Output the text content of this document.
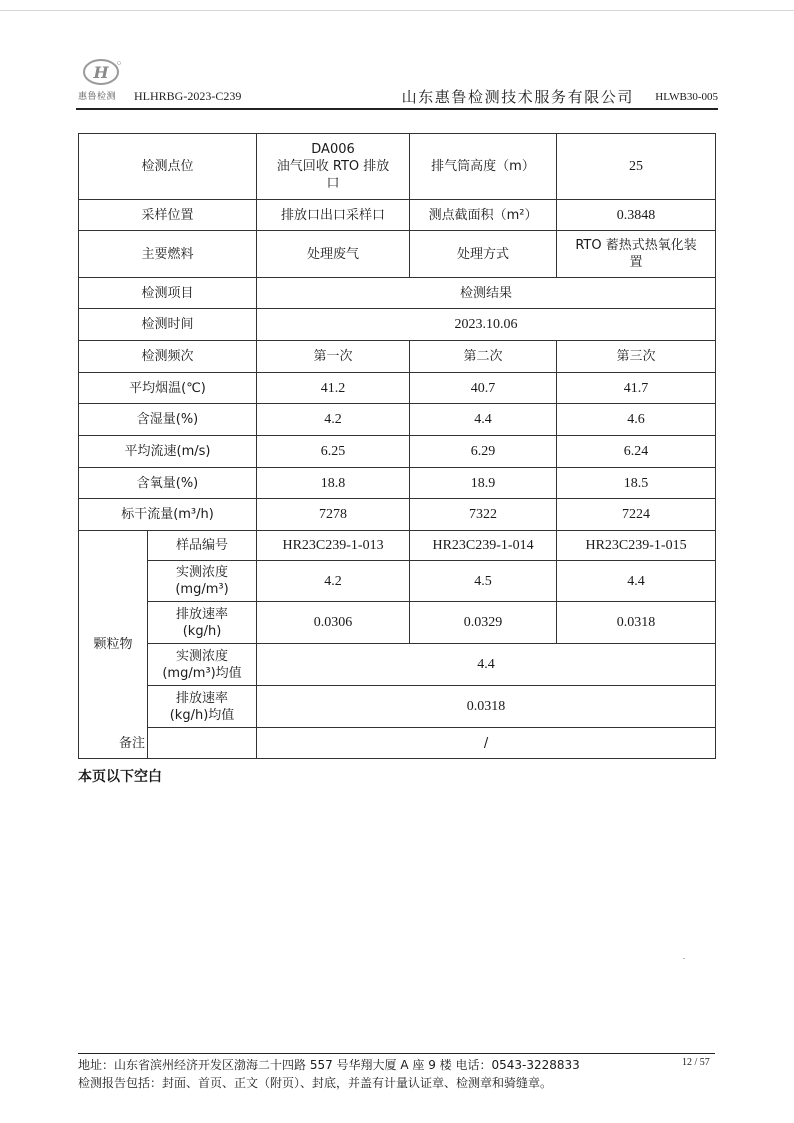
H
惠鲁检测 HLHRBG-2023-C239	山东惠鲁检测技术服务有限公司 HLWB30-005
检测点位	DA006
油气回收 RTO 排放
口	排气筒高度（m）	25
采样位置	排放口出口采样口	测点截面积（m²）	0.3848
主要燃料	处理废气	处理方式	RTO 蓄热式热氧化装
置
检测项目	检测结果
检测时间	2023.10.06
检测频次	第一次	第二次	第三次
平均烟温(℃)	41.2	40.7	41.7
含湿量(%)	4.2	4.4	4.6
平均流速(m/s)	6.25	6.29	6.24
含氧量(%)	18.8	18.9	18.5
标干流量(m³/h)	7278	7322	7224
颗粒物	样品编号	HR23C239-1-013	HR23C239-1-014	HR23C239-1-015
实测浓度
(mg/m³)	4.2	4.5	4.4
排放速率
(kg/h)	0.0306	0.0329	0.0318
实测浓度
(mg/m³)均值	4.4
排放速率
(kg/h)均值	0.0318
备注	/
本页以下空白
地址：山东省滨州经济开发区渤海二十四路 557 号华翔大厦 A 座 9 楼 电话：0543-3228833	12 / 57
检测报告包括：封面、首页、正文（附页）、封底，并盖有计量认证章、检测章和骑缝章。
